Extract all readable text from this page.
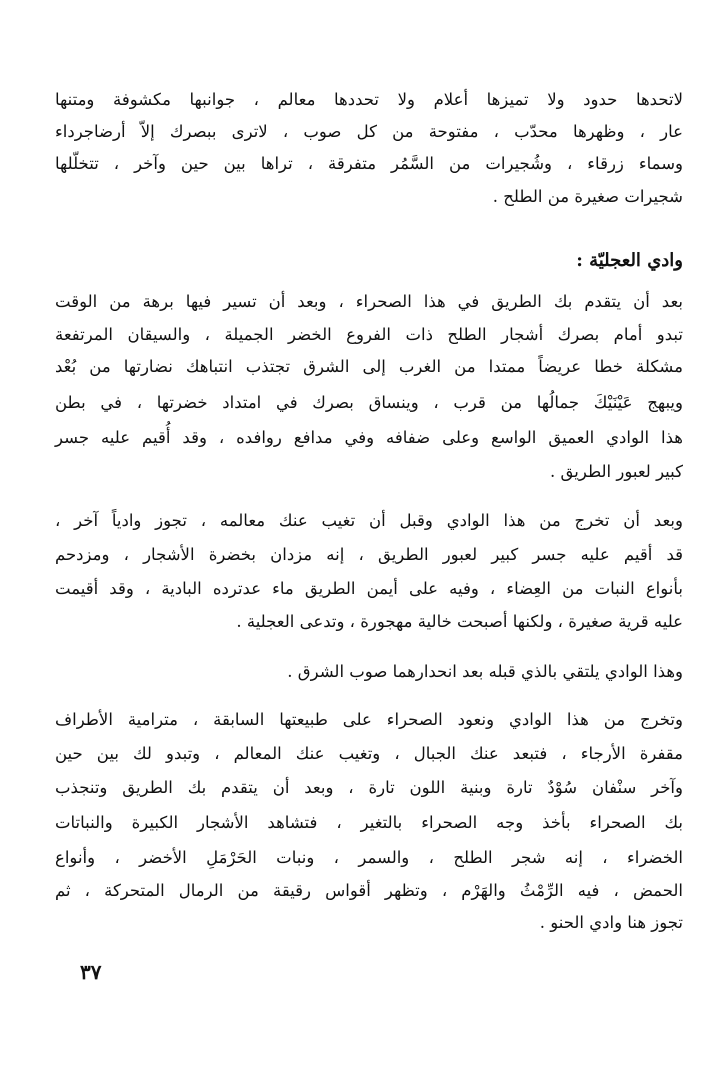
لاتحدها حدود ولا تميزها أعلام ولا تحددها معالم ، جوانبها مكشوفة ومتنها

عار ، وظهرها محدّب ، مفتوحة من كل صوب ، لاترى ببصرك إلاّ أرضاجرداء

وسماء زرقاء ، وشُجيرات من السَّمُر متفرقة ، تراها بين حين وآخر ، تتخلّلها

شجيرات صغيرة من الطلح .

وادي العجليّة :

بعد أن يتقدم بك الطريق في هذا الصحراء ، وبعد أن تسير فيها برهة من الوقت

تبدو أمام بصرك أشجار الطلح ذات الفروع الخضر الجميلة ، والسيقان المرتفعة

مشكلة خطا عريضاً ممتدا من الغرب إلى الشرق تجتذب انتباهك نضارتها من بُعْد

ويبهج عَيْنَيْكَ جمالُها من قرب ، وينساق بصرك في امتداد خضرتها ، في بطن

هذا الوادي العميق الواسع وعلى ضفافه وفي مدافع روافده ، وقد أُقيم عليه جسر

كبير لعبور الطريق .

وبعد أن تخرج من هذا الوادي وقبل أن تغيب عنك معالمه ، تجوز وادياً آخر ،

قد أقيم عليه جسر كبير لعبور الطريق ، إنه مزدان بخضرة الأشجار ، ومزدحم

بأنواع النبات من العِضاء ، وفيه على أيمن الطريق ماء عدترده البادية ، وقد أقيمت

عليه قرية صغيرة ، ولكنها أصبحت خالية مهجورة ، وتدعى العجلية .

وهذا الوادي يلتقي بالذي قبله بعد انحدارهما صوب الشرق .

وتخرج من هذا الوادي ونعود الصحراء على طبيعتها السابقة ، مترامية الأطراف

مقفرة الأرجاء ، فتبعد عنك الجبال ، وتغيب عنك المعالم ، وتبدو لك بين حين

وآخر سنْفان سُوْدٌ تارة وبنية اللون تارة ، وبعد أن يتقدم بك الطريق وتنجذب

بك الصحراء بأخذ وجه الصحراء بالتغير ، فتشاهد الأشجار الكبيرة والنباتات

الخضراء ، إنه شجر الطلح ، والسمر ، ونبات الحَرْمَلِ الأخضر ، وأنواع

الحمض ، فيه الرِّمْثُ والهَرْم ، وتظهر أقواس رقيقة من الرمال المتحركة ، ثم

تجوز هنا وادي الحنو .

٣٧
